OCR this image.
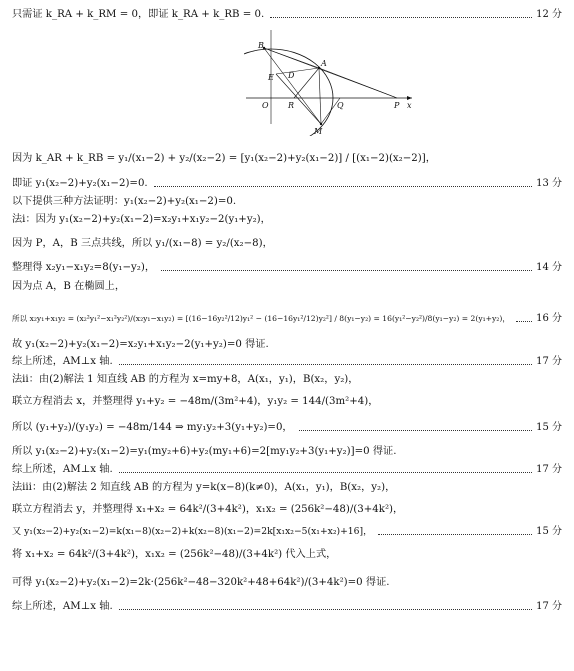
只需证 k_RA + k_RM = 0，即证 k_RA + k_RB = 0.	12 分
B
A
E D
O R	Q	P
M
x
因为 k_AR + k_RB = y₁/(x₁−2) + y₂/(x₂−2) = [y₁(x₂−2)+y₂(x₁−2)] / [(x₁−2)(x₂−2)]，
即证 y₁(x₂−2)+y₂(x₁−2)=0.	13 分
以下提供三种方法证明：y₁(x₂−2)+y₂(x₁−2)=0.
法ⅰ：因为 y₁(x₂−2)+y₂(x₁−2)=x₂y₁+x₁y₂−2(y₁+y₂)，
因为 P，A，B 三点共线，所以 y₁/(x₁−8) = y₂/(x₂−8)，
整理得 x₂y₁−x₁y₂=8(y₁−y₂)，	14 分
因为点 A，B 在椭圆上，
所以 x₂y₁+x₁y₂ = (x₂²y₁²−x₁²y₂²)/(x₂y₁−x₁y₂) = [(16−16y₂²/12)y₁² − (16−16y₁²/12)y₂²] / 8(y₁−y₂) = 16(y₁²−y₂²)/8(y₁−y₂) = 2(y₁+y₂)，	16 分
故 y₁(x₂−2)+y₂(x₁−2)=x₂y₁+x₁y₂−2(y₁+y₂)=0 得证.
综上所述，AM⊥x 轴.	17 分
法ⅱ：由(2)解法 1 知直线 AB 的方程为 x=my+8，A(x₁，y₁)，B(x₂，y₂)，
联立方程消去 x，并整理得 y₁+y₂ = −48m/(3m²+4)，y₁y₂ = 144/(3m²+4)，
所以 (y₁+y₂)/(y₁y₂) = −48m/144 ⇒ my₁y₂+3(y₁+y₂)=0，	15 分
所以 y₁(x₂−2)+y₂(x₁−2)=y₁(my₂+6)+y₂(my₁+6)=2[my₁y₂+3(y₁+y₂)]=0 得证.
综上所述，AM⊥x 轴.	17 分
法ⅲ：由(2)解法 2 知直线 AB 的方程为 y=k(x−8)(k≠0)，A(x₁，y₁)，B(x₂，y₂)，
联立方程消去 y，并整理得 x₁+x₂ = 64k²/(3+4k²)，x₁x₂ = (256k²−48)/(3+4k²)，
又 y₁(x₂−2)+y₂(x₁−2)=k(x₁−8)(x₂−2)+k(x₂−8)(x₁−2)=2k[x₁x₂−5(x₁+x₂)+16]，	15 分
将 x₁+x₂ = 64k²/(3+4k²)，x₁x₂ = (256k²−48)/(3+4k²) 代入上式，
可得 y₁(x₂−2)+y₂(x₁−2)=2k·(256k²−48−320k²+48+64k²)/(3+4k²)=0 得证.
综上所述，AM⊥x 轴.	17 分
